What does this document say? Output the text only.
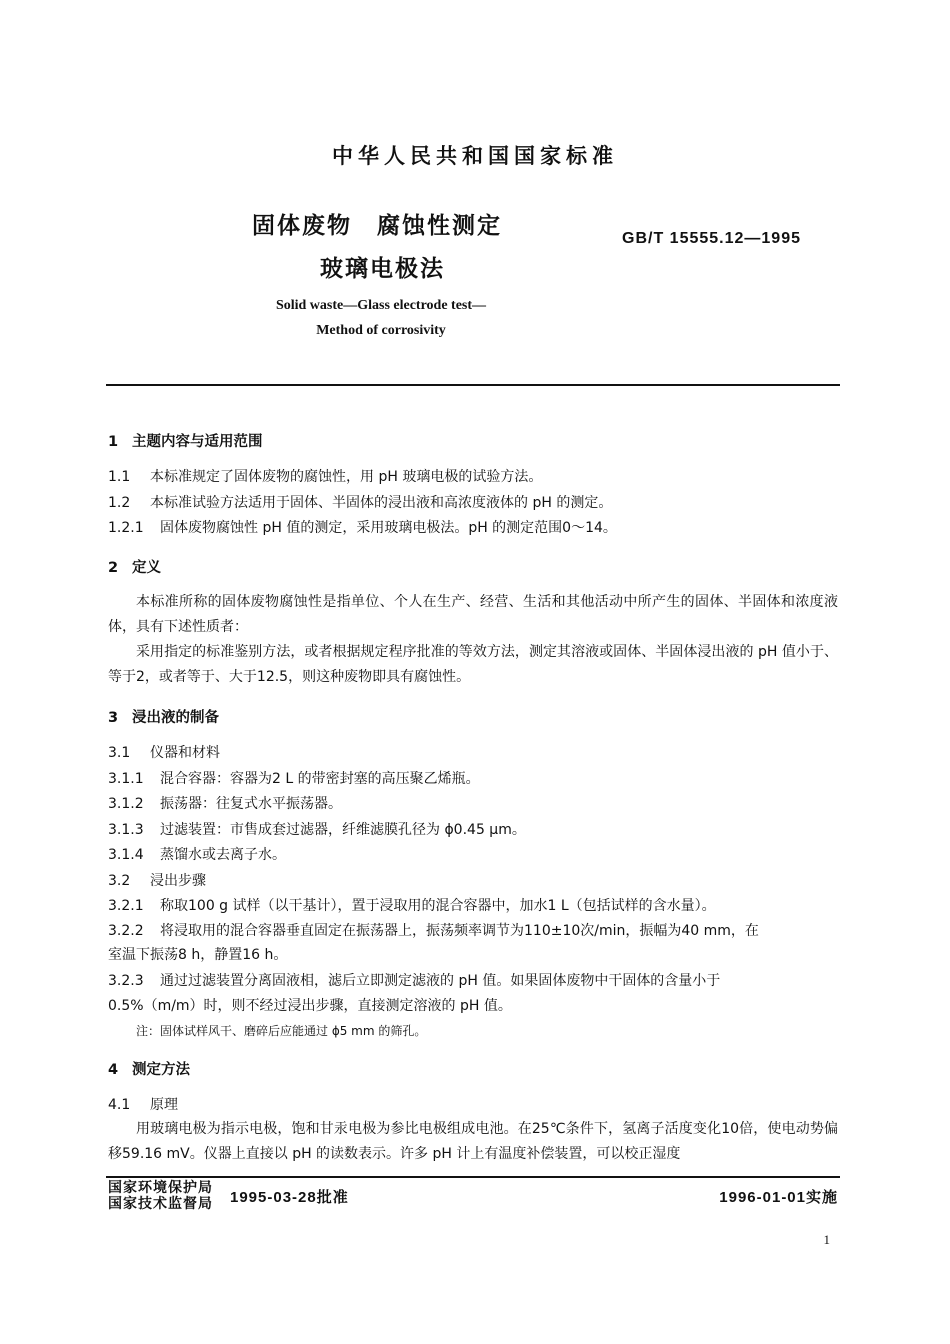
中华人民共和国国家标准
固体废物　腐蚀性测定
玻璃电极法
GB/T 15555.12—1995
Solid waste—Glass electrode test—
Method of corrosivity
1 主题内容与适用范围
1.1 本标准规定了固体废物的腐蚀性，用 pH 玻璃电极的试验方法。
1.2 本标准试验方法适用于固体、半固体的浸出液和高浓度液体的 pH 的测定。
1.2.1 固体废物腐蚀性 pH 值的测定，采用玻璃电极法。pH 的测定范围0～14。
2 定义
本标准所称的固体废物腐蚀性是指单位、个人在生产、经营、生活和其他活动中所产生的固体、半固体和浓度液体，具有下述性质者：
采用指定的标准鉴别方法，或者根据规定程序批准的等效方法，测定其溶液或固体、半固体浸出液的 pH 值小于、等于2，或者等于、大于12.5，则这种废物即具有腐蚀性。
3 浸出液的制备
3.1 仪器和材料
3.1.1 混合容器：容器为2 L 的带密封塞的高压聚乙烯瓶。
3.1.2 振荡器：往复式水平振荡器。
3.1.3 过滤装置：市售成套过滤器，纤维滤膜孔径为 ϕ0.45 μm。
3.1.4 蒸馏水或去离子水。
3.2 浸出步骤
3.2.1 称取100 g 试样（以干基计），置于浸取用的混合容器中，加水1 L（包括试样的含水量）。
3.2.2 将浸取用的混合容器垂直固定在振荡器上，振荡频率调节为110±10次/min，振幅为40 mm，在
室温下振荡8 h，静置16 h。
3.2.3 通过过滤装置分离固液相，滤后立即测定滤液的 pH 值。如果固体废物中干固体的含量小于
0.5%（m/m）时，则不经过浸出步骤，直接测定溶液的 pH 值。
注：固体试样风干、磨碎后应能通过 ϕ5 mm 的筛孔。
4 测定方法
4.1 原理
用玻璃电极为指示电极，饱和甘汞电极为参比电极组成电池。在25℃条件下，氢离子活度变化10倍，使电动势偏移59.16 mV。仪器上直接以 pH 的读数表示。许多 pH 计上有温度补偿装置，可以校正湿度
国家环境保护局
国家技术监督局 1995-03-28批准	1996-01-01实施
1
